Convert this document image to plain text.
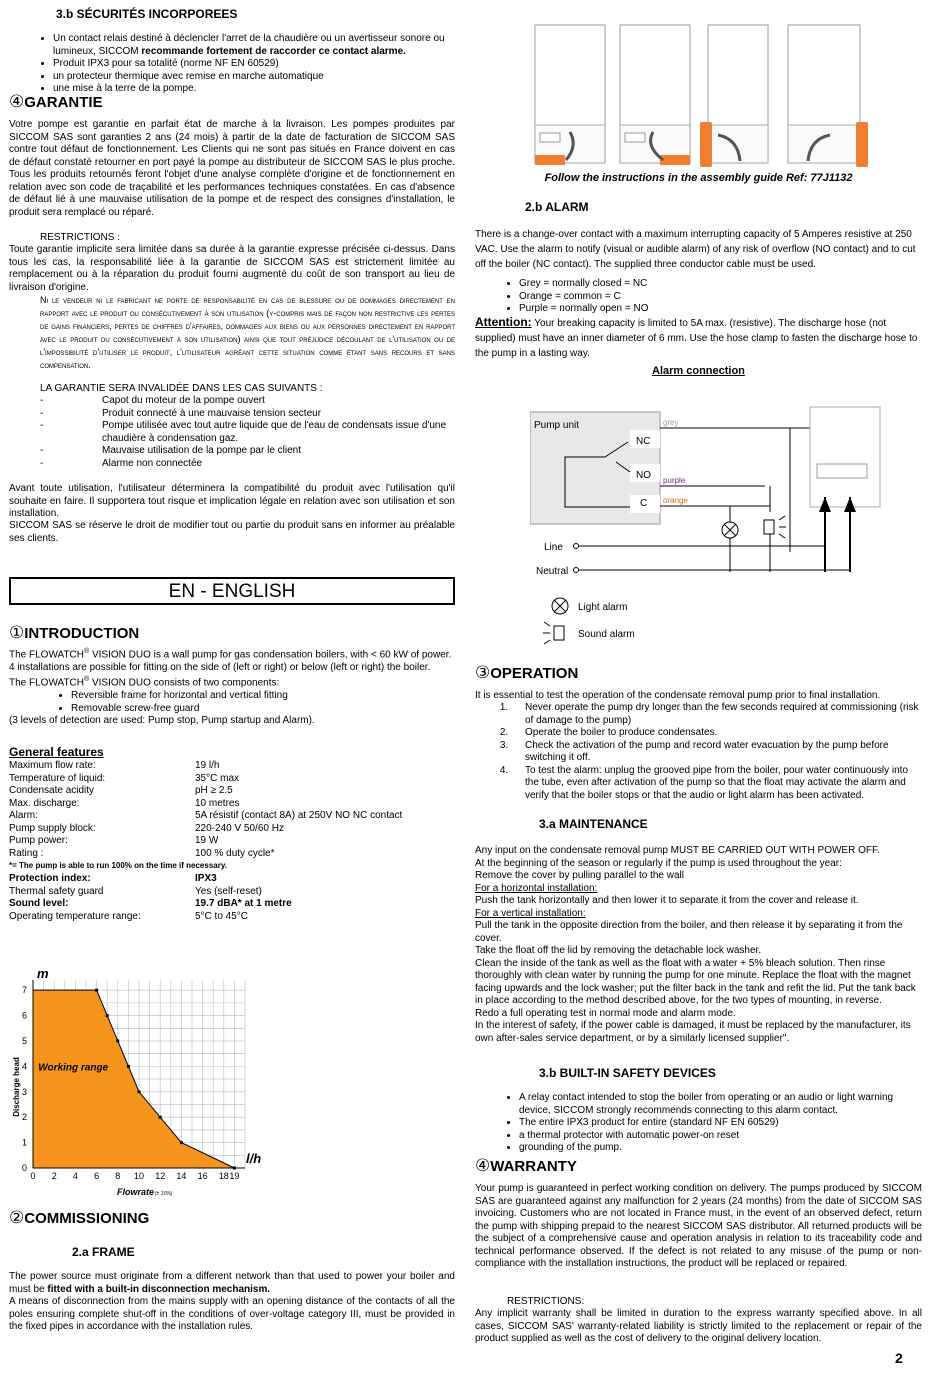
3.b SÉCURITÉS INCORPOREES
• Un contact relais destiné à déclencler l'arret de la chaudière ou un avertisseur sonore ou lumineux, SICCOM recommande fortement de raccorder ce contact alarme.
• Produit IPX3 pour sa totalité (norme NF EN 60529)
• un protecteur thermique avec remise en marche automatique
• une mise à la terre de la pompe.
④GARANTIE

Votre pompe est garantie en parfait état de marche à la livraison. Les pompes produites par SICCOM SAS sont garanties 2 ans (24 mois) à partir de la date de facturation de SICCOM SAS contre tout défaut de fonctionnement. Les Clients qui ne sont pas situés en France doivent en cas de défaut constaté retourner en port payé la pompe au distributeur de SICCOM SAS le plus proche. Tous les produits retournés feront l'objet d'une analyse complète d'origine et de fonctionnement en relation avec son code de traçabilité et les performances techniques constatées. En cas d'absence de défaut lié à une mauvaise utilisation de la pompe et de respect des consignes d'installation, le produit sera remplacé ou réparé.

RESTRICTIONS :

Toute garantie implicite sera limitée dans sa durée à la garantie expresse précisée ci-dessus. Dans tous les cas, la responsabilité liée à la garantie de SICCOM SAS est strictement limitée au remplacement ou à la réparation du produit fourni augmenté du coût de son transport au lieu de livraison d'origine.

Ni le vendeur ni le fabricant ne porte de responsabilité en cas de blessure ou de dommages directement en rapport avec le produit ou consécutivement à son utilisation (y-compris mais de façon non restrictive les pertes de gains financiers, pertes de chiffres d'affaires, dommages aux biens ou aux personnes directement en rapport avec le produit ou consécutivement à son utilisation) ainsi que tout préjudice découlant de l'utilisation ou de l'impossibilité d'utiliser le produit, l'utilisateur agréant cette situation comme étant sans recours et sans compensation.

LA GARANTIE SERA INVALIDÉE DANS LES CAS SUIVANTS :

- Capot du moteur de la pompe ouvert
- Produit connecté à une mauvaise tension secteur
- Pompe utilisée avec tout autre liquide que de l'eau de condensats issue d'une chaudière à condensation gaz.
- Mauvaise utilisation de la pompe par le client
- Alarme non connectée

Avant toute utilisation, l'utilisateur déterminera la compatibilité du produit avec l'utilisation qu'il souhaite en faire. Il supportera tout risque et implication légale en relation avec son utilisation et son installation.

SICCOM SAS se réserve le droit de modifier tout ou partie du produit sans en informer au préalable ses clients.

EN - ENGLISH
①INTRODUCTION

The FLOWATCH® VISION DUO is a wall pump for gas condensation boilers, with < 60 kW of power.

4 installations are possible for fitting on the side of (left or right) or below (left or right) the boiler.

The FLOWATCH® VISION DUO consists of two components:

• Reversible frame for horizontal and vertical fitting
• Removable screw-free guard

(3 levels of detection are used: Pump stop, Pump startup and Alarm).

General features
Maximum flow rate:	19 l/h
Temperature of liquid:	35°C max
Condensate acidity	pH ≥ 2.5
Max. discharge:	10 metres
Alarm:	5A résistif (contact 8A) at 250V NO NC contact
Pump supply block:	220-240 V 50/60 Hz
Pump power:	19 W
Rating :	100 % duty cycle*
*= The pump is able to run 100% on the time if necessary.
Protection index:	IPX3
Thermal safety guard	Yes (self-reset)
Sound level:	19.7 dBA* at 1 metre
Operating temperature range:	5°C to 45°C
0 2 4 6 8 10 12 14 16 18 19
0
1
2
3
4
5
6
7
Working range
m
l/h
Discharge head
Flowrate (± 10%)
②COMMISSIONING
2.a FRAME

The power source must originate from a different network than that used to power your boiler and must be fitted with a built-in disconnection mechanism.

A means of disconnection from the mains supply with an opening distance of the contacts of all the poles ensuring complete shut-off in the conditions of over-voltage category III, must be provided in the fixed pipes in accordance with the installation rules.

Follow the instructions in the assembly guide Ref: 77J1132

2.b ALARM

There is a change-over contact with a maximum interrupting capacity of 5 Amperes resistive at 250 VAC. Use the alarm to notify (visual or audible alarm) of any risk of overflow (NO contact) and to cut off the boiler (NC contact). The supplied three conductor cable must be used.

• Grey = normally closed = NC
• Orange = common = C
• Purple = normally open = NO

Attention: Your breaking capacity is limited to 5A max. (resistive). The discharge hose (not supplied) must have an inner diameter of 6 mm. Use the hose clamp to fasten the discharge hose to the pump in a lasting way.

Alarm connection

Pump unit
NC
NO
C
grey
purple
orange
Line
Neutral
Light alarm
Sound alarm
③OPERATION

It is essential to test the operation of the condensate removal pump prior to final installation.

1. Never operate the pump dry longer than the few seconds required at commissioning (risk of damage to the pump)
2. Operate the boiler to produce condensates.
3. Check the activation of the pump and record water evacuation by the pump before switching it off.
4. To test the alarm: unplug the grooved pipe from the boiler, pour water continuously into the tube, even after activation of the pump so that the float may activate the alarm and verify that the boiler stops or that the audio or light alarm has been activated.
3.a MAINTENANCE

Any input on the condensate removal pump MUST BE CARRIED OUT WITH POWER OFF.

At the beginning of the season or regularly if the pump is used throughout the year:

Remove the cover by pulling parallel to the wall

For a horizontal installation:

Push the tank horizontally and then lower it to separate it from the cover and release it.

For a vertical installation:

Pull the tank in the opposite direction from the boiler, and then release it by separating it from the cover.

Take the float off the lid by removing the detachable lock washer.

Clean the inside of the tank as well as the float with a water + 5% bleach solution. Then rinse thoroughly with clean water by running the pump for one minute. Replace the float with the magnet facing upwards and the lock washer; put the filter back in the tank and refit the lid. Put the tank back in place according to the method described above, for the two types of mounting, in reverse.

Redo a full operating test in normal mode and alarm mode.

In the interest of safety, if the power cable is damaged, it must be replaced by the manufacturer, its own after-sales service department, or by a similarly licensed supplier".

3.b BUILT-IN SAFETY DEVICES
• A relay contact intended to stop the boiler from operating or an audio or light warning device, SICCOM strongly recommends connecting to this alarm contact.
• The entire IPX3 product for entire (standard NF EN 60529)
• a thermal protector with automatic power-on reset
• grounding of the pump.
④WARRANTY

Your pump is guaranteed in perfect working condition on delivery. The pumps produced by SICCOM SAS are guaranteed against any malfunction for 2 years (24 months) from the date of SICCOM SAS invoicing. Customers who are not located in France must, in the event of an observed defect, return the pump with shipping prepaid to the nearest SICCOM SAS distributor. All returned products will be the subject of a comprehensive cause and operation analysis in relation to its traceability code and technical performance observed. If the defect is not related to any misuse of the pump or non-compliance with the installation instructions, the product will be replaced or repaired.

RESTRICTIONS:

Any implicit warranty shall be limited in duration to the express warranty specified above. In all cases, SICCOM SAS' warranty-related liability is strictly limited to the replacement or repair of the product supplied as well as the cost of delivery to the original delivery location.

2
